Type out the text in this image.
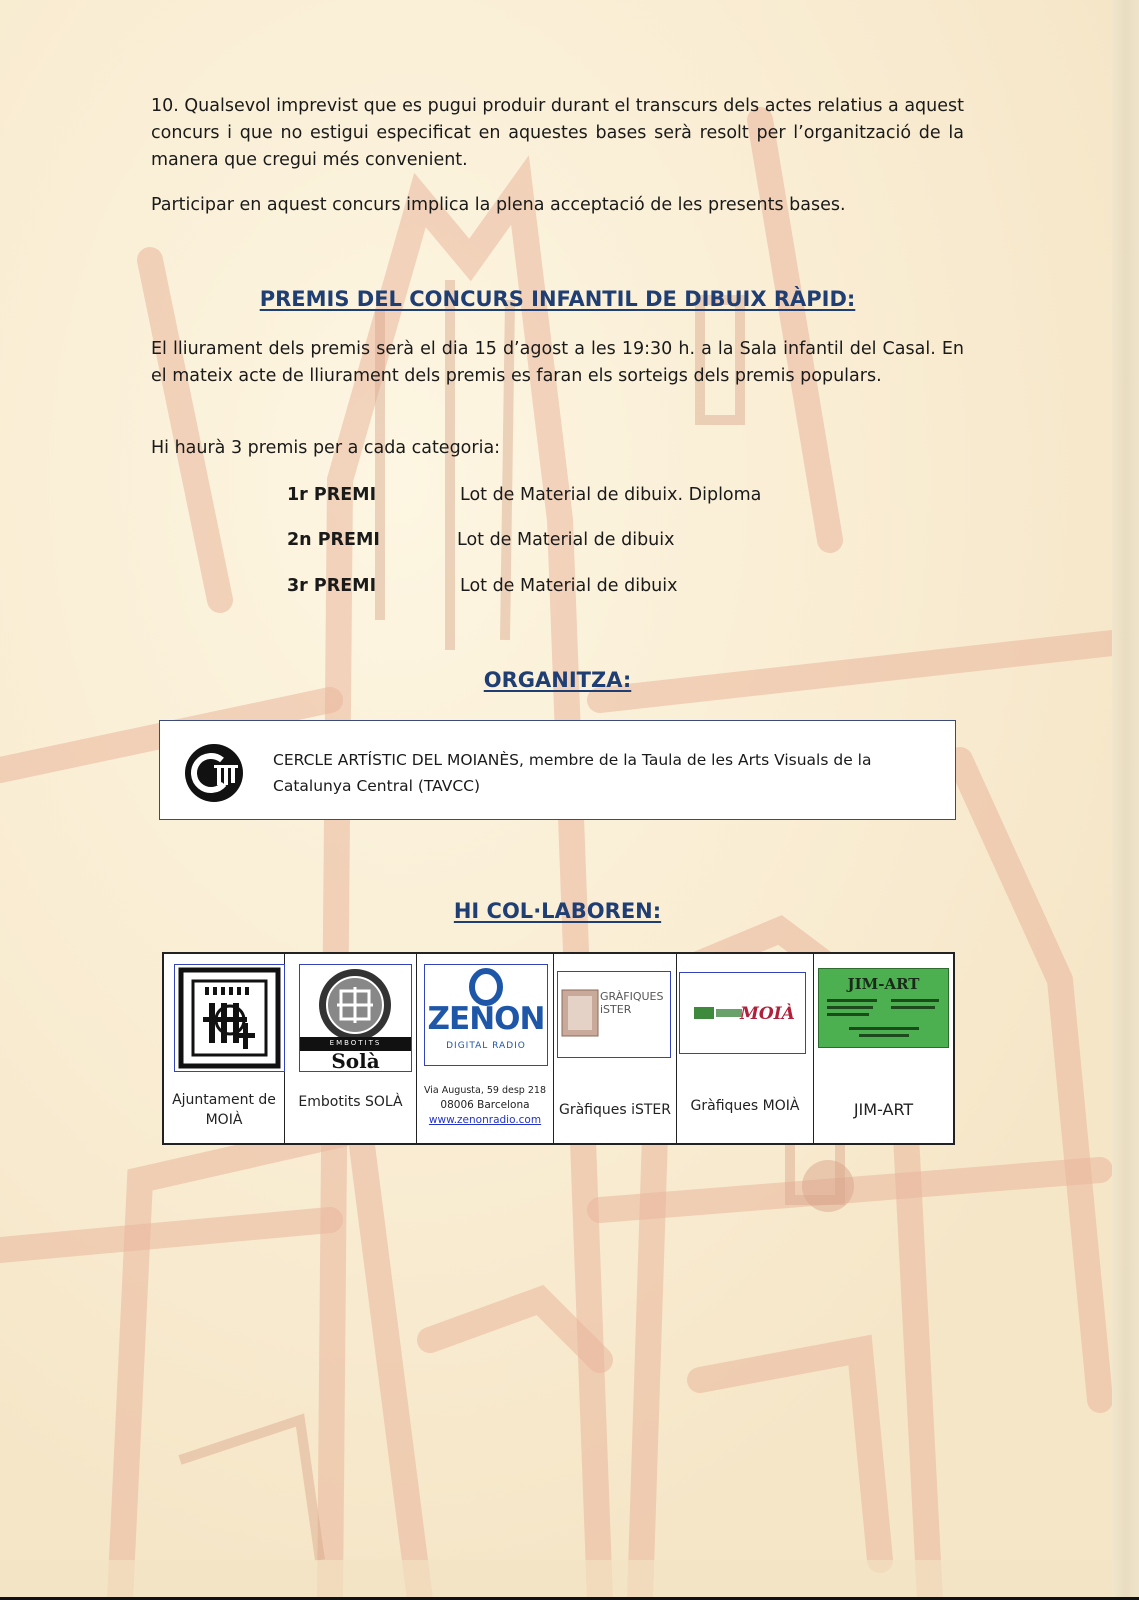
10. Qualsevol imprevist que es pugui produir durant el transcurs dels actes relatius a aquest concurs i que no estigui especificat en aquestes bases serà resolt per l’organització de la manera que cregui més convenient.

Participar en aquest concurs implica la plena acceptació de les presents bases.

PREMIS DEL CONCURS INFANTIL DE DIBUIX RÀPID:

El lliurament dels premis serà el dia 15 d’agost a les 19:30 h. a la Sala infantil del Casal. En el mateix acte de lliurament dels premis es faran els sorteigs dels premis populars.

Hi haurà 3 premis per a cada categoria:

1r PREMI	Lot de Material de dibuix. Diploma
2n PREMI	Lot de Material de dibuix
3r PREMI	Lot de Material de dibuix
ORGANITZA:
CERCLE ARTÍSTIC DEL MOIANÈS, membre de la Taula de les Arts Visuals de la Catalunya Central (TAVCC)
HI COL·LABOREN:
Ajuntament de MOIÀ
EMBOTITS
Solà
Embotits SOLÀ
ZENON
DIGITAL RADIO
Via Augusta, 59 desp 218
08006 Barcelona
www.zenonradio.com
GRÀFIQUES iSTER
Gràfiques iSTER
MOIÀ
Gràfiques MOIÀ
JIM-ART
JIM-ART
